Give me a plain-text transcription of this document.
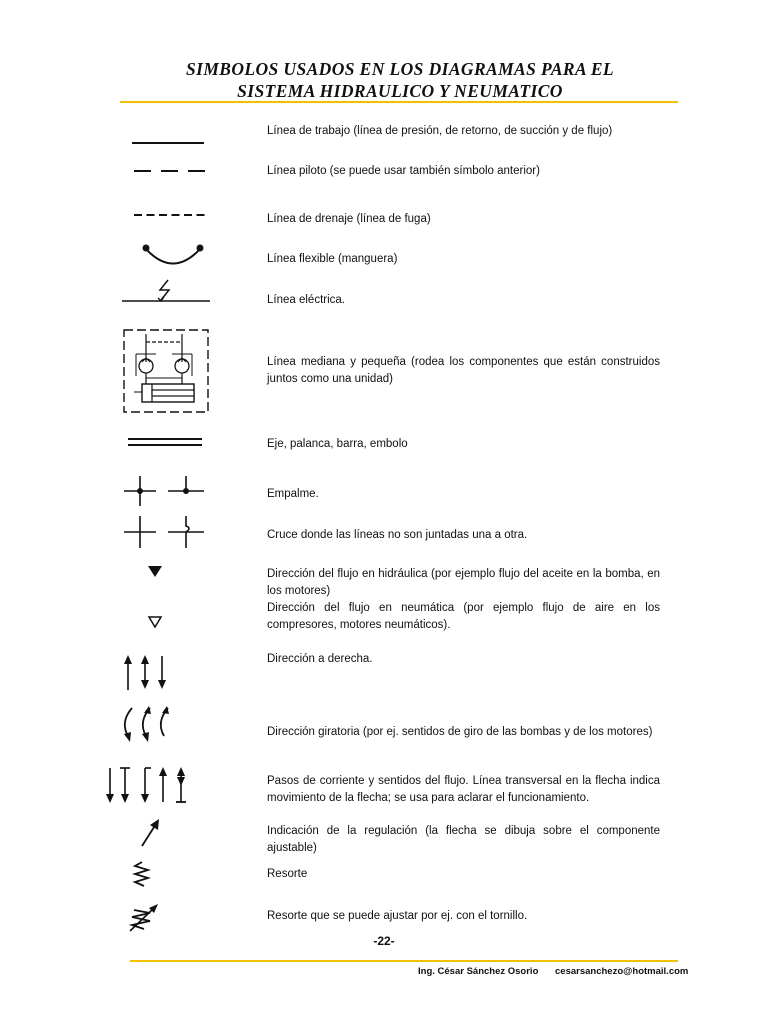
SIMBOLOS USADOS EN LOS DIAGRAMAS PARA EL
SISTEMA HIDRAULICO Y NEUMATICO

Línea de trabajo (línea de presión, de retorno, de succión y de flujo)

Línea piloto (se puede usar también símbolo anterior)

Línea de drenaje (línea de fuga)

Línea flexible (manguera)

Línea eléctrica.

Línea mediana y pequeña (rodea los componentes que están construidos juntos como una unidad)

Eje, palanca, barra, embolo

Empalme.

Cruce donde las líneas no son juntadas una a otra.

Dirección del flujo en hidráulica (por ejemplo flujo del aceite en la bomba, en los motores)

Dirección del flujo en neumática (por ejemplo flujo de aire en los compresores, motores neumáticos).

Dirección a derecha.

Dirección giratoria (por ej. sentidos de giro de las bombas y de los motores)

Pasos de corriente y sentidos del flujo. Línea transversal en la flecha indica movimiento de la flecha; se usa para aclarar el funcionamiento.

Indicación de la regulación (la flecha se dibuja sobre el componente ajustable)

Resorte

Resorte que se puede ajustar por ej. con el tornillo.

-22-
Ing. César Sánchez Osorio cesarsanchezo@hotmail.com
